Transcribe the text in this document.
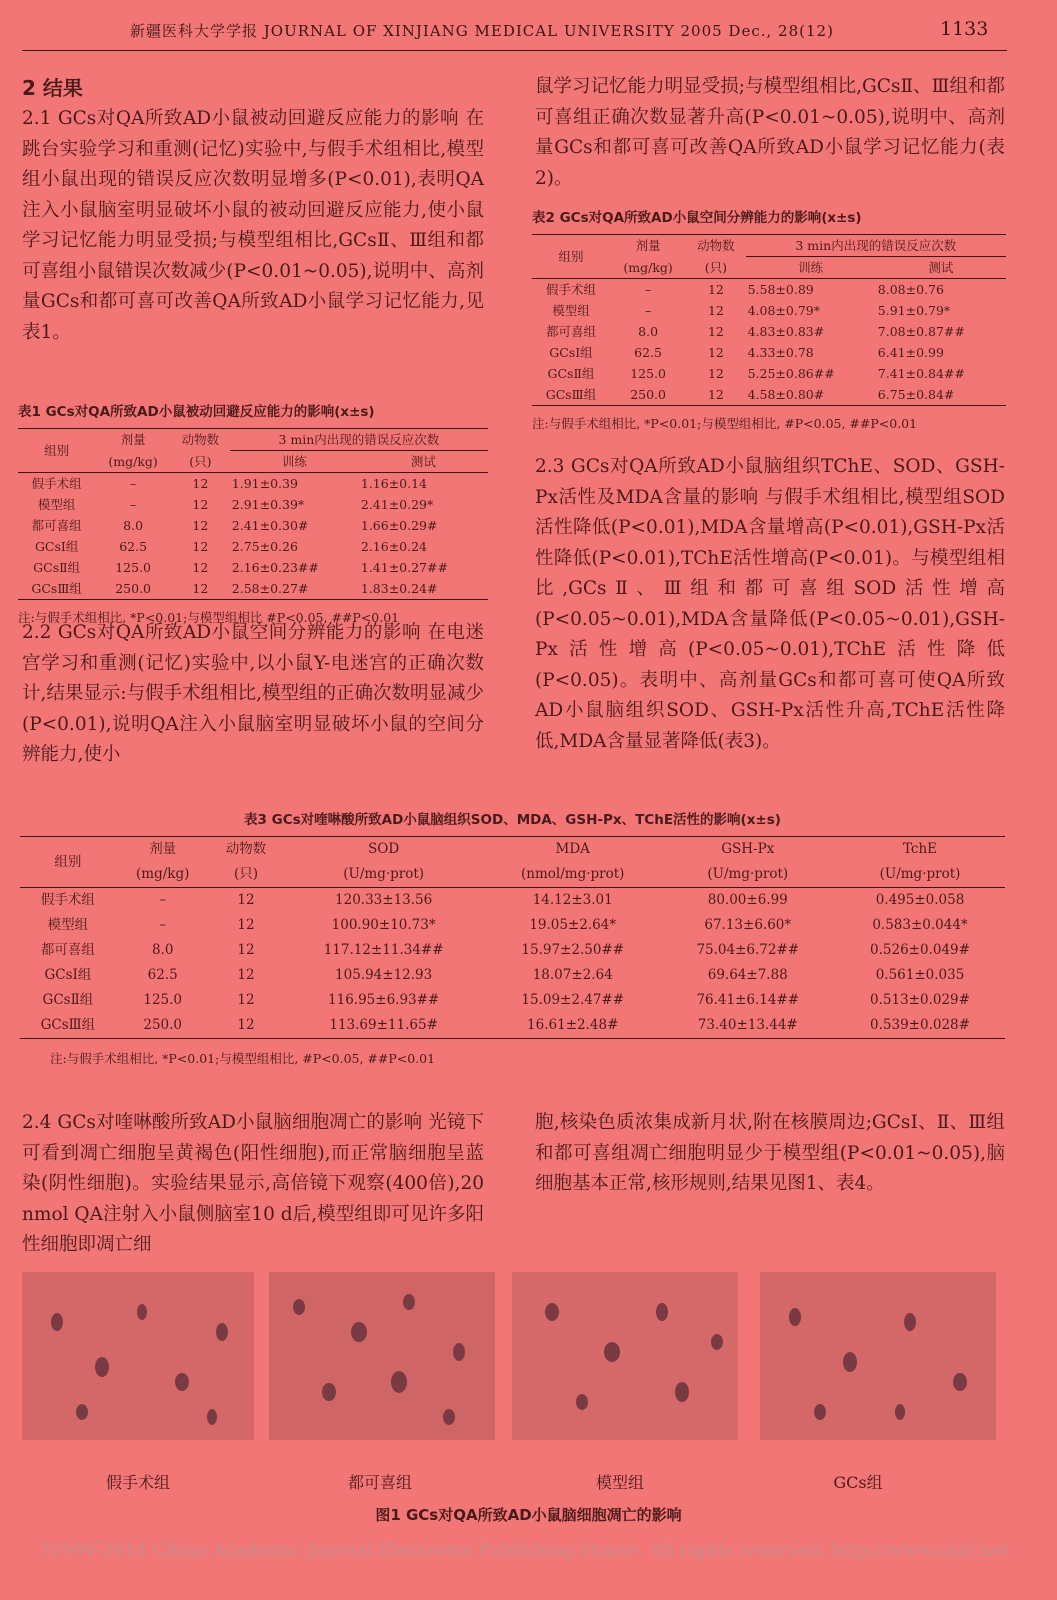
新疆医科大学学报 JOURNAL OF XINJIANG MEDICAL UNIVERSITY 2005 Dec., 28(12)	1133

2 结果

2.1 GCs对QA所致AD小鼠被动回避反应能力的影响 在跳台实验学习和重测(记忆)实验中,与假手术组相比,模型组小鼠出现的错误反应次数明显增多(P<0.01),表明QA注入小鼠脑室明显破坏小鼠的被动回避反应能力,使小鼠学习记忆能力明显受损;与模型组相比,GCsⅡ、Ⅲ组和都可喜组小鼠错误次数减少(P<0.01~0.05),说明中、高剂量GCs和都可喜可改善QA所致AD小鼠学习记忆能力,见表1。

表1 GCs对QA所致AD小鼠被动回避反应能力的影响(x±s)
组别	剂量	动物数	3 min内出现的错误反应次数	
	(mg/kg)	(只)	训练	测试
假手术组	–	12	1.91±0.39	1.16±0.14
模型组	–	12	2.91±0.39*	2.41±0.29*
都可喜组	8.0	12	2.41±0.30#	1.66±0.29#
GCsⅠ组	62.5	12	2.75±0.26	2.16±0.24
GCsⅡ组	125.0	12	2.16±0.23##	1.41±0.27##
GCsⅢ组	250.0	12	2.58±0.27#	1.83±0.24#
注:与假手术组相比, *P<0.01;与模型组相比 #P<0.05, ##P<0.01

2.2 GCs对QA所致AD小鼠空间分辨能力的影响 在电迷宫学习和重测(记忆)实验中,以小鼠Y-电迷宫的正确次数计,结果显示:与假手术组相比,模型组的正确次数明显减少(P<0.01),说明QA注入小鼠脑室明显破坏小鼠的空间分辨能力,使小

鼠学习记忆能力明显受损;与模型组相比,GCsⅡ、Ⅲ组和都可喜组正确次数显著升高(P<0.01~0.05),说明中、高剂量GCs和都可喜可改善QA所致AD小鼠学习记忆能力(表2)。

表2 GCs对QA所致AD小鼠空间分辨能力的影响(x±s)
组别	剂量	动物数	3 min内出现的错误反应次数	
	(mg/kg)	(只)	训练	测试
假手术组	–	12	5.58±0.89	8.08±0.76
模型组	–	12	4.08±0.79*	5.91±0.79*
都可喜组	8.0	12	4.83±0.83#	7.08±0.87##
GCsⅠ组	62.5	12	4.33±0.78	6.41±0.99
GCsⅡ组	125.0	12	5.25±0.86##	7.41±0.84##
GCsⅢ组	250.0	12	4.58±0.80#	6.75±0.84#
注:与假手术组相比, *P<0.01;与模型组相比, #P<0.05, ##P<0.01

2.3 GCs对QA所致AD小鼠脑组织TChE、SOD、GSH-Px活性及MDA含量的影响 与假手术组相比,模型组SOD活性降低(P<0.01),MDA含量增高(P<0.01),GSH-Px活性降低(P<0.01),TChE活性增高(P<0.01)。与模型组相比,GCsⅡ、Ⅲ组和都可喜组SOD活性增高(P<0.05~0.01),MDA含量降低(P<0.05~0.01),GSH-Px活性增高(P<0.05~0.01),TChE活性降低(P<0.05)。表明中、高剂量GCs和都可喜可使QA所致AD小鼠脑组织SOD、GSH-Px活性升高,TChE活性降低,MDA含量显著降低(表3)。

表3 GCs对喹啉酸所致AD小鼠脑组织SOD、MDA、GSH-Px、TChE活性的影响(x±s)
组别	剂量	动物数	SOD	MDA	GSH-Px	TchE
	(mg/kg)	(只)	(U/mg·prot)	(nmol/mg·prot)	(U/mg·prot)	(U/mg·prot)
假手术组	–	12	120.33±13.56	14.12±3.01	80.00±6.99	0.495±0.058
模型组	–	12	100.90±10.73*	19.05±2.64*	67.13±6.60*	0.583±0.044*
都可喜组	8.0	12	117.12±11.34##	15.97±2.50##	75.04±6.72##	0.526±0.049#
GCsⅠ组	62.5	12	105.94±12.93	18.07±2.64	69.64±7.88	0.561±0.035
GCsⅡ组	125.0	12	116.95±6.93##	15.09±2.47##	76.41±6.14##	0.513±0.029#
GCsⅢ组	250.0	12	113.69±11.65#	16.61±2.48#	73.40±13.44#	0.539±0.028#
注:与假手术组相比, *P<0.01;与模型组相比, #P<0.05, ##P<0.01

2.4 GCs对喹啉酸所致AD小鼠脑细胞凋亡的影响 光镜下可看到凋亡细胞呈黄褐色(阳性细胞),而正常脑细胞呈蓝染(阴性细胞)。实验结果显示,高倍镜下观察(400倍),20 nmol QA注射入小鼠侧脑室10 d后,模型组即可见许多阳性细胞即凋亡细

胞,核染色质浓集成新月状,附在核膜周边;GCsⅠ、Ⅱ、Ⅲ组和都可喜组凋亡细胞明显少于模型组(P<0.01~0.05),脑细胞基本正常,核形规则,结果见图1、表4。

假手术组	都可喜组	模型组	GCs组
图1 GCs对QA所致AD小鼠脑细胞凋亡的影响
?1994-2014 China Academic Journal Electronic Publishing House. All rights reserved. http://www.cnki.net
